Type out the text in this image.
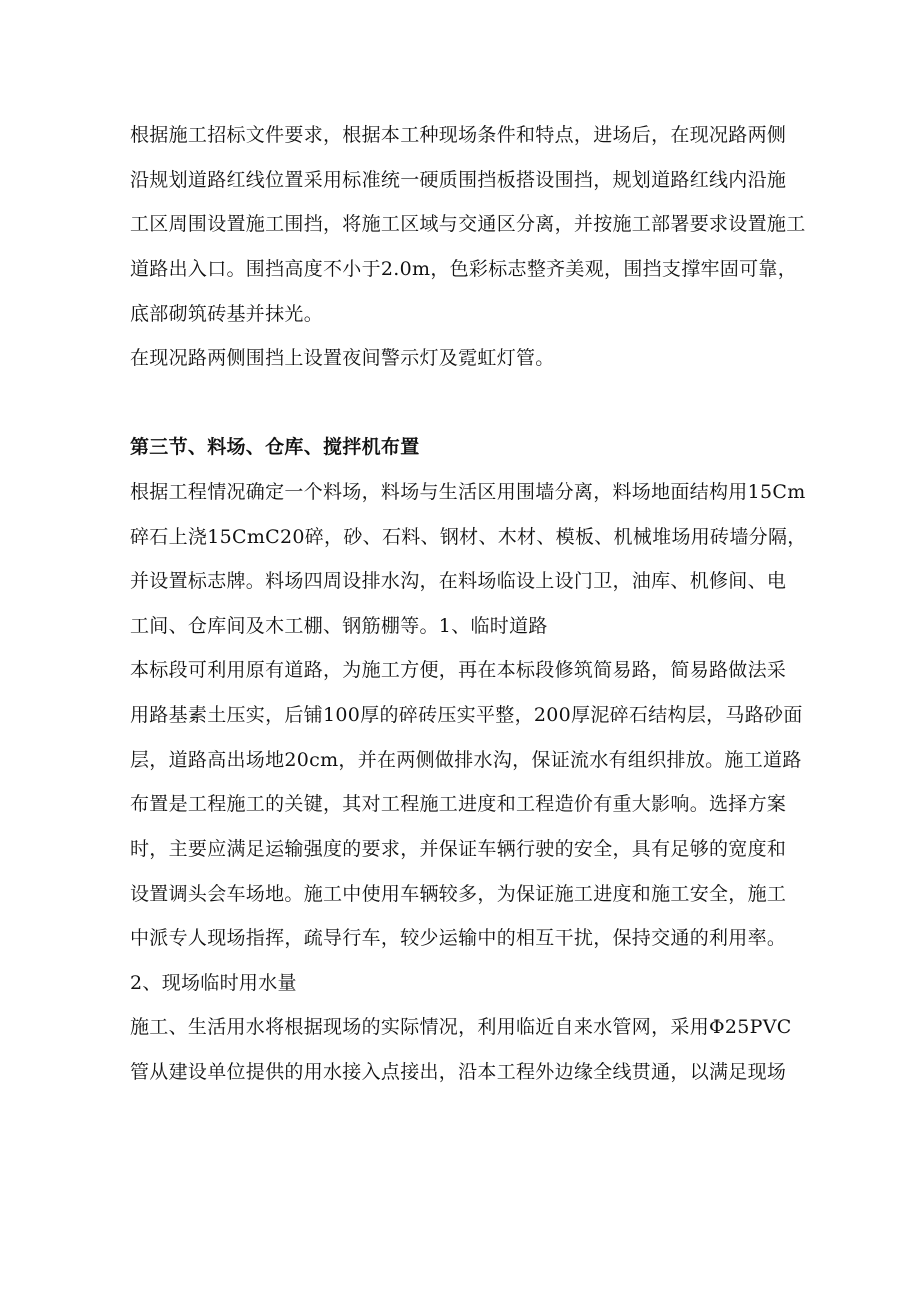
根据施工招标文件要求，根据本工种现场条件和特点，进场后，在现况路两侧
沿规划道路红线位置采用标准统一硬质围挡板搭设围挡，规划道路红线内沿施
工区周围设置施工围挡，将施工区域与交通区分离，并按施工部署要求设置施工
道路出入口。围挡高度不小于2.0m，色彩标志整齐美观，围挡支撑牢固可靠，
底部砌筑砖基并抹光。
在现况路两侧围挡上设置夜间警示灯及霓虹灯管。
第三节、料场、仓库、搅拌机布置
根据工程情况确定一个料场，料场与生活区用围墙分离，料场地面结构用15Cm
碎石上浇15CmC20碎，砂、石料、钢材、木材、模板、机械堆场用砖墙分隔，
并设置标志牌。料场四周设排水沟，在料场临设上设门卫，油库、机修间、电
工间、仓库间及木工棚、钢筋棚等。1、临时道路
本标段可利用原有道路，为施工方便，再在本标段修筑简易路，简易路做法采
用路基素土压实，后铺100厚的碎砖压实平整，200厚泥碎石结构层，马路砂面
层，道路高出场地20cm，并在两侧做排水沟，保证流水有组织排放。施工道路
布置是工程施工的关键，其对工程施工进度和工程造价有重大影响。选择方案
时，主要应满足运输强度的要求，并保证车辆行驶的安全，具有足够的宽度和
设置调头会车场地。施工中使用车辆较多，为保证施工进度和施工安全，施工
中派专人现场指挥，疏导行车，较少运输中的相互干扰，保持交通的利用率。
2、现场临时用水量
施工、生活用水将根据现场的实际情况，利用临近自来水管网，采用Φ25PVC
管从建设单位提供的用水接入点接出，沿本工程外边缘全线贯通，以满足现场
